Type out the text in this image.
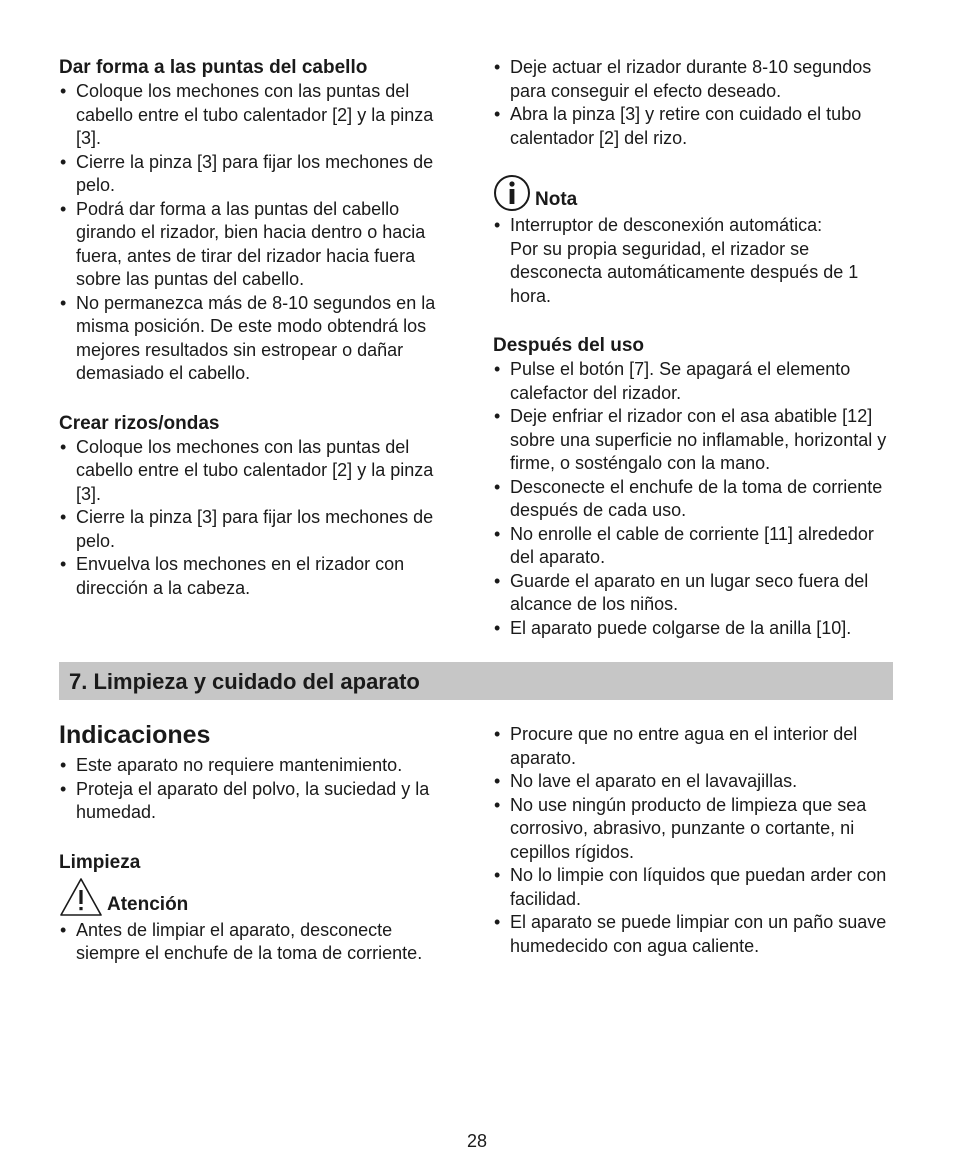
Dar forma a las puntas del cabello
• Coloque los mechones con las puntas del cabello entre el tubo calentador [2] y la pinza [3].
• Cierre la pinza [3] para fijar los mechones de pelo.
• Podrá dar forma a las puntas del cabello girando el rizador, bien hacia dentro o hacia fuera, antes de tirar del rizador hacia fuera sobre las puntas del cabello.
• No permanezca más de 8-10 segundos en la misma posición. De este modo obtendrá los mejores resultados sin estropear o dañar demasiado el cabello.
Crear rizos/ondas
• Coloque los mechones con las puntas del cabello entre el tubo calentador [2] y la pinza [3].
• Cierre la pinza [3] para fijar los mechones de pelo.
• Envuelva los mechones en el rizador con dirección a la cabeza.
• Deje actuar el rizador durante 8-10 segundos para conseguir el efecto deseado.
• Abra la pinza [3] y retire con cuidado el tubo calentador [2] del rizo.
Nota
• Interruptor de desconexión automática:
Por su propia seguridad, el rizador se desconecta automáticamente después de 1 hora.
Después del uso
• Pulse el botón [7]. Se apagará el elemento calefactor del rizador.
• Deje enfriar el rizador con el asa abatible [12] sobre una superficie no inflamable, horizontal y firme, o sosténgalo con la mano.
• Desconecte el enchufe de la toma de corriente después de cada uso.
• No enrolle el cable de corriente [11] alrededor del aparato.
• Guarde el aparato en un lugar seco fuera del alcance de los niños.
• El aparato puede colgarse de la anilla [10].
7. Limpieza y cuidado del aparato
Indicaciones
• Este aparato no requiere mantenimiento.
• Proteja el aparato del polvo, la suciedad y la humedad.
Limpieza
Atención
• Antes de limpiar el aparato, desconecte siempre el enchufe de la toma de corriente.
• Procure que no entre agua en el interior del aparato.
• No lave el aparato en el lavavajillas.
• No use ningún producto de limpieza que sea corrosivo, abrasivo, punzante o cortante, ni cepillos rígidos.
• No lo limpie con líquidos que puedan arder con facilidad.
• El aparato se puede limpiar con un paño suave humedecido con agua caliente.
28
